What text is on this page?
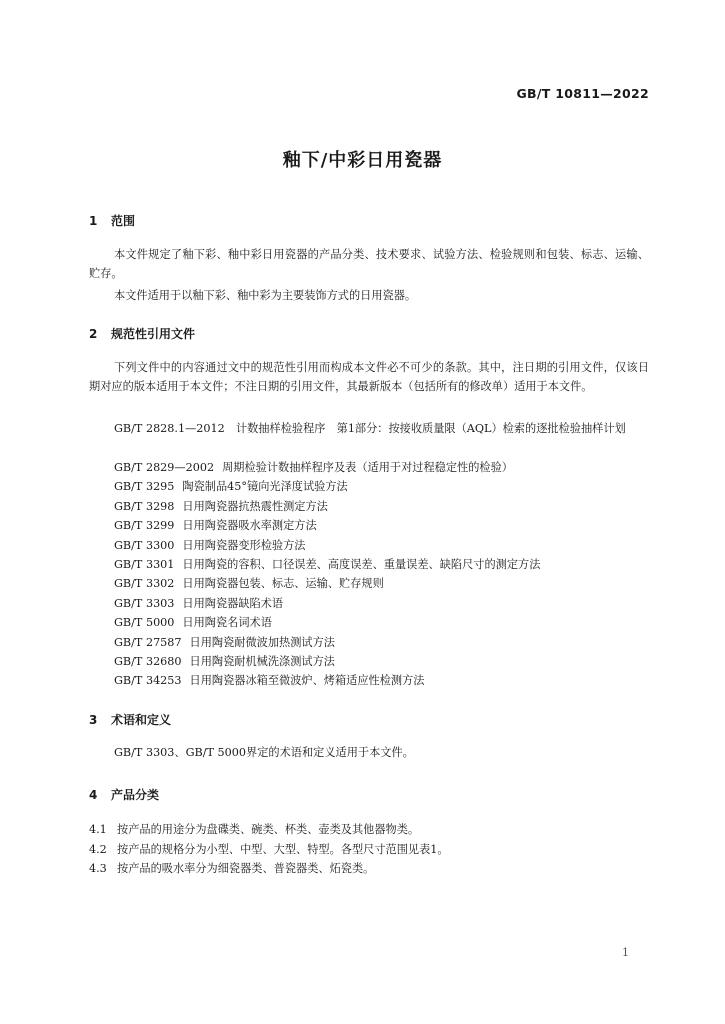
GB/T 10811—2022
釉下/中彩日用瓷器
1 范围
本文件规定了釉下彩、釉中彩日用瓷器的产品分类、技术要求、试验方法、检验规则和包装、标志、运输、贮存。
本文件适用于以釉下彩、釉中彩为主要装饰方式的日用瓷器。
2 规范性引用文件
下列文件中的内容通过文中的规范性引用而构成本文件必不可少的条款。其中，注日期的引用文件，仅该日期对应的版本适用于本文件；不注日期的引用文件，其最新版本（包括所有的修改单）适用于本文件。
GB/T 2828.1—2012　计数抽样检验程序　第1部分：按接收质量限（AQL）检索的逐批检验抽样计划
GB/T 2829—2002 周期检验计数抽样程序及表（适用于对过程稳定性的检验）
GB/T 3295 陶瓷制品45°镜向光泽度试验方法
GB/T 3298 日用陶瓷器抗热震性测定方法
GB/T 3299 日用陶瓷器吸水率测定方法
GB/T 3300 日用陶瓷器变形检验方法
GB/T 3301 日用陶瓷的容积、口径误差、高度误差、重量误差、缺陷尺寸的测定方法
GB/T 3302 日用陶瓷器包装、标志、运输、贮存规则
GB/T 3303 日用陶瓷器缺陷术语
GB/T 5000 日用陶瓷名词术语
GB/T 27587 日用陶瓷耐微波加热测试方法
GB/T 32680 日用陶瓷耐机械洗涤测试方法
GB/T 34253 日用陶瓷器冰箱至微波炉、烤箱适应性检测方法
3 术语和定义
GB/T 3303、GB/T 5000界定的术语和定义适用于本文件。
4 产品分类
4.1 按产品的用途分为盘碟类、碗类、杯类、壶类及其他器物类。
4.2 按产品的规格分为小型、中型、大型、特型。各型尺寸范围见表1。
4.3 按产品的吸水率分为细瓷器类、普瓷器类、炻瓷类。
1
